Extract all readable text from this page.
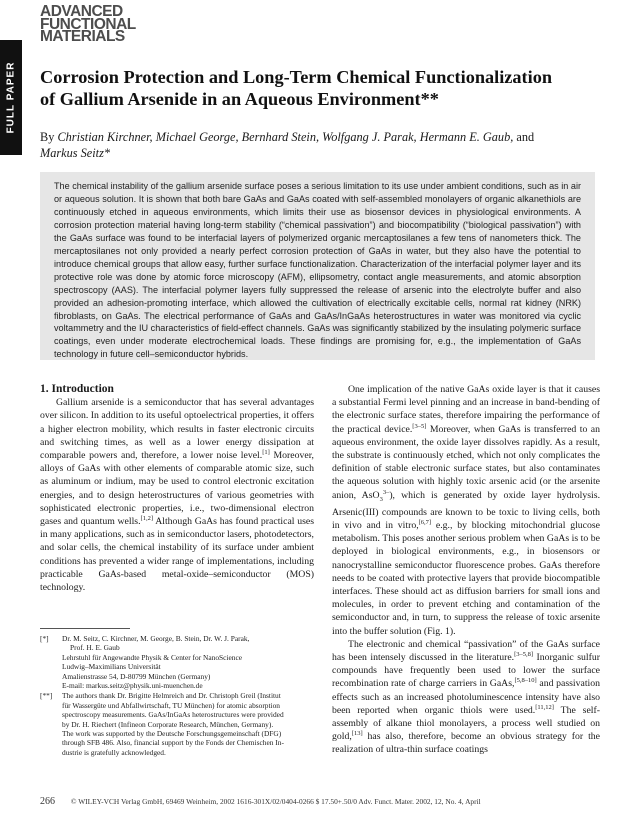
FULL PAPER
ADVANCED
FUNCTIONAL
MATERIALS
Corrosion Protection and Long-Term Chemical Functionalization
of Gallium Arsenide in an Aqueous Environment**
By Christian Kirchner, Michael George, Bernhard Stein, Wolfgang J. Parak, Hermann E. Gaub, and
Markus Seitz*
The chemical instability of the gallium arsenide surface poses a serious limitation to its use under ambient conditions, such as in air or aqueous solution. It is shown that both bare GaAs and GaAs coated with self-assembled monolayers of organic alkanethiols are continuously etched in aqueous environments, which limits their use as biosensor devices in physiological environments. A corrosion protection material having long-term stability (“chemical passivation”) and biocompatibility (“biological passivation”) with the GaAs surface was found to be interfacial layers of polymerized organic mercaptosilanes a few tens of nanometers thick. The mercaptosilanes not only provided a nearly perfect corrosion protection of GaAs in water, but they also have the potential to introduce chemical groups that allow easy, further surface functionalization. Characterization of the interfacial polymer layer and its protective role was done by atomic force microscopy (AFM), ellipsometry, contact angle measurements, and atomic absorption spectroscopy (AAS). The interfacial polymer layers fully suppressed the release of arsenic into the electrolyte buffer and also provided an adhesion-promoting interface, which allowed the cultivation of electrically excitable cells, normal rat kidney (NRK) fibroblasts, on GaAs. The electrical performance of GaAs and GaAs/InGaAs heterostructures in water was monitored via cyclic voltammetry and the IU characteristics of field-effect channels. GaAs was significantly stabilized by the insulating polymeric surface coatings, even under moderate electrochemical loads. These findings are promising for, e.g., the implementation of GaAs technology in future cell–semiconductor hybrids.

1. Introduction

Gallium arsenide is a semiconductor that has several advantages over silicon. In addition to its useful optoelectrical properties, it offers a higher electron mobility, which results in faster electronic circuits and switching times, as well as a lower energy dissipation at comparable powers and, therefore, a lower noise level.[1] Moreover, alloys of GaAs with other elements of comparable atomic size, such as aluminum or indium, may be used to control electronic excitation energies, and to design heterostructures of various geometries with sophisticated electronic properties, i.e., two-dimensional electron gases and quantum wells.[1,2] Although GaAs has found practical uses in many applications, such as in semiconductor lasers, photodetectors, and solar cells, the chemical instability of its surface under ambient conditions has prevented a wider range of implementations, including practicable GaAs-based metal-oxide–semiconductor (MOS) technology.

One implication of the native GaAs oxide layer is that it causes a substantial Fermi level pinning and an increase in band-bending of the electronic surface states, therefore impairing the performance of the practical device.[3–5] Moreover, when GaAs is transferred to an aqueous environment, the oxide layer dissolves rapidly. As a result, the substrate is continuously etched, which not only complicates the definition of stable electronic surface states, but also contaminates the aqueous solution with highly toxic arsenic acid (or the arsenite anion, AsO$_3^{3-}$), which is generated by oxide layer hydrolysis. Arsenic(III) compounds are known to be toxic to living cells, both in vivo and in vitro,[6,7] e.g., by blocking mitochondrial glucose metabolism. This poses another serious problem when GaAs is to be deployed in biological environments, e.g., in biosensors or nanocrystalline semiconductor fluorescence probes. GaAs therefore needs to be coated with protective layers that provide biocompatible interfaces. These should act as diffusion barriers for small ions and molecules, in order to prevent etching and contamination of the semiconductor and, in turn, to suppress the release of toxic arsenite into the buffer solution (Fig. 1).

The electronic and chemical “passivation” of the GaAs surface has been intensely discussed in the literature.[3–5,8] Inorganic sulfur compounds have frequently been used to lower the surface recombination rate of charge carriers in GaAs,[5,8–10] and passivation effects such as an increased photoluminescence intensity have also been reported when organic thiols were used.[11,12] The self-assembly of alkane thiol monolayers, a process well studied on gold,[13] has also, therefore, become an obvious strategy for the realization of ultra-thin surface coatings

[*]	Dr. M. Seitz, C. Kirchner, M. George, B. Stein, Dr. W. J. Parak,
Prof. H. E. Gaub
Lehrstuhl für Angewandte Physik & Center for NanoScience
Ludwig–Maximilians Universität
Amalienstrasse 54, D-80799 München (Germany)
E-mail: markus.seitz@physik.uni-muenchen.de
[**]	The authors thank Dr. Brigitte Helmreich and Dr. Christoph Greil (Institut
für Wassergüte und Abfallwirtschaft, TU München) for atomic absorption
spectroscopy measurements. GaAs/InGaAs heterostructures were provided
by Dr. H. Riechert (Infineon Corporate Research, München, Germany).
The work was supported by the Deutsche Forschungsgemeinschaft (DFG)
through SFB 486. Also, financial support by the Fonds der Chemischen In-
dustrie is gratefully acknowledged.
266 © WILEY-VCH Verlag GmbH, 69469 Weinheim, 2002 1616-301X/02/0404-0266 $ 17.50+.50/0 Adv. Funct. Mater. 2002, 12, No. 4, April
